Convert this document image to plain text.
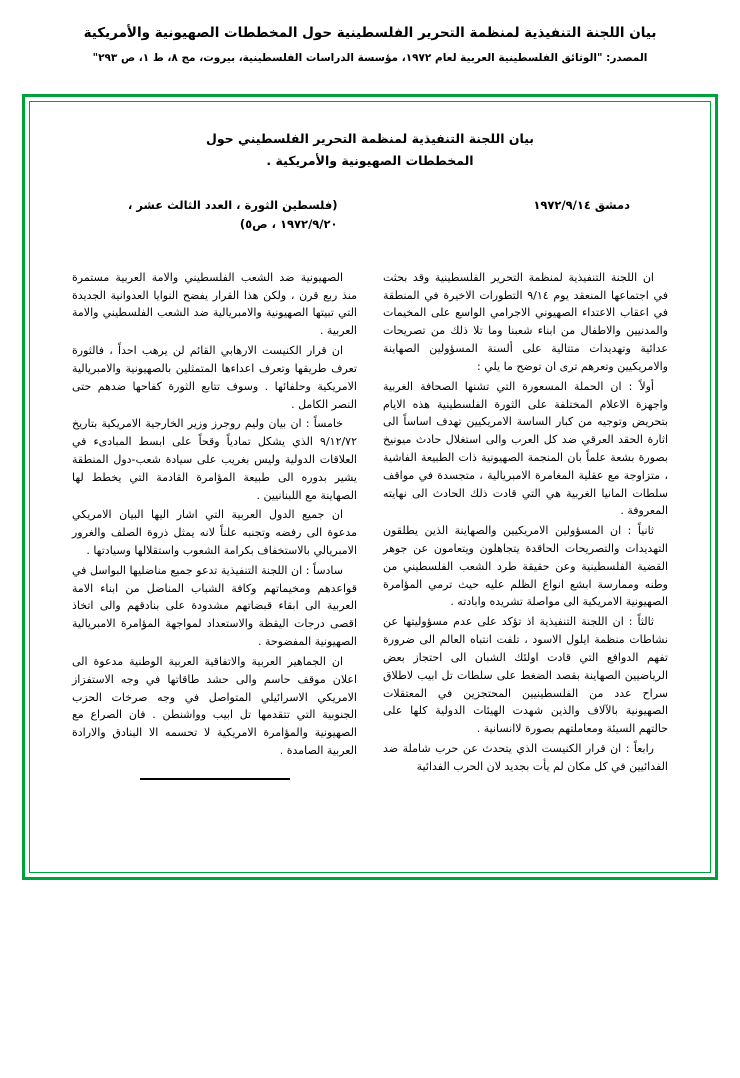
بيان اللجنة التنفيذية لمنظمة التحرير الفلسطينية حول المخططات الصهيونية والأمريكية
المصدر: "الوثائق الفلسطينية العربية لعام ١٩٧٢، مؤسسة الدراسات الفلسطينية، بيروت، مج ٨، ط ١، ص ٢٩٣"
بيان اللجنة التنفيذية لمنظمة التحرير الفلسطيني حول المخططات الصهيونية والأمريكية .
دمشق ١٩٧٢/٩/١٤
(فلسطين الثورة ، العدد الثالث عشر ،
١٩٧٢/٩/٢٠ ، ص٥)

ان اللجنة التنفيذية لمنظمة التحرير الفلسطينية وقد بحثت في اجتماعها المنعقد يوم ٩/١٤ التطورات الاخيرة في المنطقة في اعقاب الاعتداء الصهيوني الاجرامي الواسع على المخيمات والمدنيين والاطفال من ابناء شعبنا وما تلا ذلك من تصريحات عدائية وتهديدات متتالية على ألسنة المسؤولين الصهاينة والامريكيين وتعرهم ترى ان توضح ما يلي :

أولاً : ان الحملة المسعورة التي تشنها الصحافة الغربية واجهزة الاعلام المختلفة على الثورة الفلسطينية هذه الايام بتحريض وتوجيه من كبار الساسة الامريكيين تهدف اساساً الى اثارة الحقد العرقي ضد كل العرب والى استغلال حادث ميونيخ بصورة بشعة علماً بان المنجمة الصهيونية ذات الطبيعة الفاشية ، متزاوجة مع عقلية المغامرة الامبريالية ، متجسدة في مواقف سلطات المانيا الغربية هي التي قادت ذلك الحادث الى نهايته المعروفة .

ثانياً : ان المسؤولين الامريكيين والصهاينة الذين يطلقون التهديدات والتصريحات الحاقدة يتجاهلون ويتعامون عن جوهر القضية الفلسطينية وعن حقيقة طرد الشعب الفلسطيني من وطنه وممارسة ابشع انواع الظلم عليه حيث ترمي المؤامرة الصهيونية الامريكية الى مواصلة تشريده وابادته .

ثالثاً : ان اللجنة التنفيذية اذ تؤكد على عدم مسؤوليتها عن نشاطات منظمة ايلول الاسود ، تلفت انتباه العالم الى ضرورة تفهم الدوافع التي قادت اولئك الشبان الى احتجاز بعض الرياضيين الصهاينة بقصد الضغط على سلطات تل ابيب لاطلاق سراح عدد من الفلسطينيين المحتجزين في المعتقلات الصهيونية بالآلاف والذين شهدت الهيئات الدولية كلها على حالتهم السيئة ومعاملتهم بصورة لاانسانية .

رابعاً : ان قرار الكنيست الذي يتحدث عن حرب شاملة ضد الفدائيين في كل مكان لم يأت بجديد لان الحرب الفدائية

الصهيونية ضد الشعب الفلسطيني والامة العربية مستمرة منذ ربع قرن ، ولكن هذا القرار يفضح النوايا العدوانية الجديدة التي تبيتها الصهيونية والامبريالية ضد الشعب الفلسطيني والامة العربية .

ان قرار الكنيست الارهابي القائم لن يرهب احداً ، فالثورة تعرف طريقها وتعرف اعداءها المتمثلين بالصهيونية والامبريالية الامريكية وحلفائها . وسوف تتابع الثورة كفاحها ضدهم حتى النصر الكامل .

خامساً : ان بيان وليم روجرز وزير الخارجية الامريكية بتاريخ ٩/١٢/٧٢ الذي يشكل تمادياً وقحاً على ابسط المبادىء في العلاقات الدولية وليس بغريب على سيادة شعب-دول المنطقة يشير بدوره الى طبيعة المؤامرة القادمة التي يخطط لها الصهاينة مع اللبنانيين .

ان جميع الدول العربية التي اشار اليها البيان الامريكي مدعوة الى رفضه وتجنبه علناً لانه يمثل ذروة الصلف والغرور الامبريالي بالاستخفاف بكرامة الشعوب واستقلالها وسيادتها .

سادساً : ان اللجنة التنفيذية تدعو جميع مناضليها البواسل في قواعدهم ومخيماتهم وكافة الشباب المناضل من ابناء الامة العربية الى ابقاء قبضاتهم مشدودة على بنادقهم والى اتخاذ اقصى درجات اليقظة والاستعداد لمواجهة المؤامرة الامبريالية الصهيونية المفضوحة .

ان الجماهير العربية والاتفاقية العربية الوطنية مدعوة الى اعلان موقف حاسم والى حشد طاقاتها في وجه الاستفزاز الامريكي الاسرائيلي المتواصل في وجه صرخات الحزب الجنوبية التي تتقدمها تل ابيب وواشنطن . فان الصراع مع الصهيونية والمؤامرة الامريكية لا تحسمه الا البنادق والارادة العربية الصامدة .
